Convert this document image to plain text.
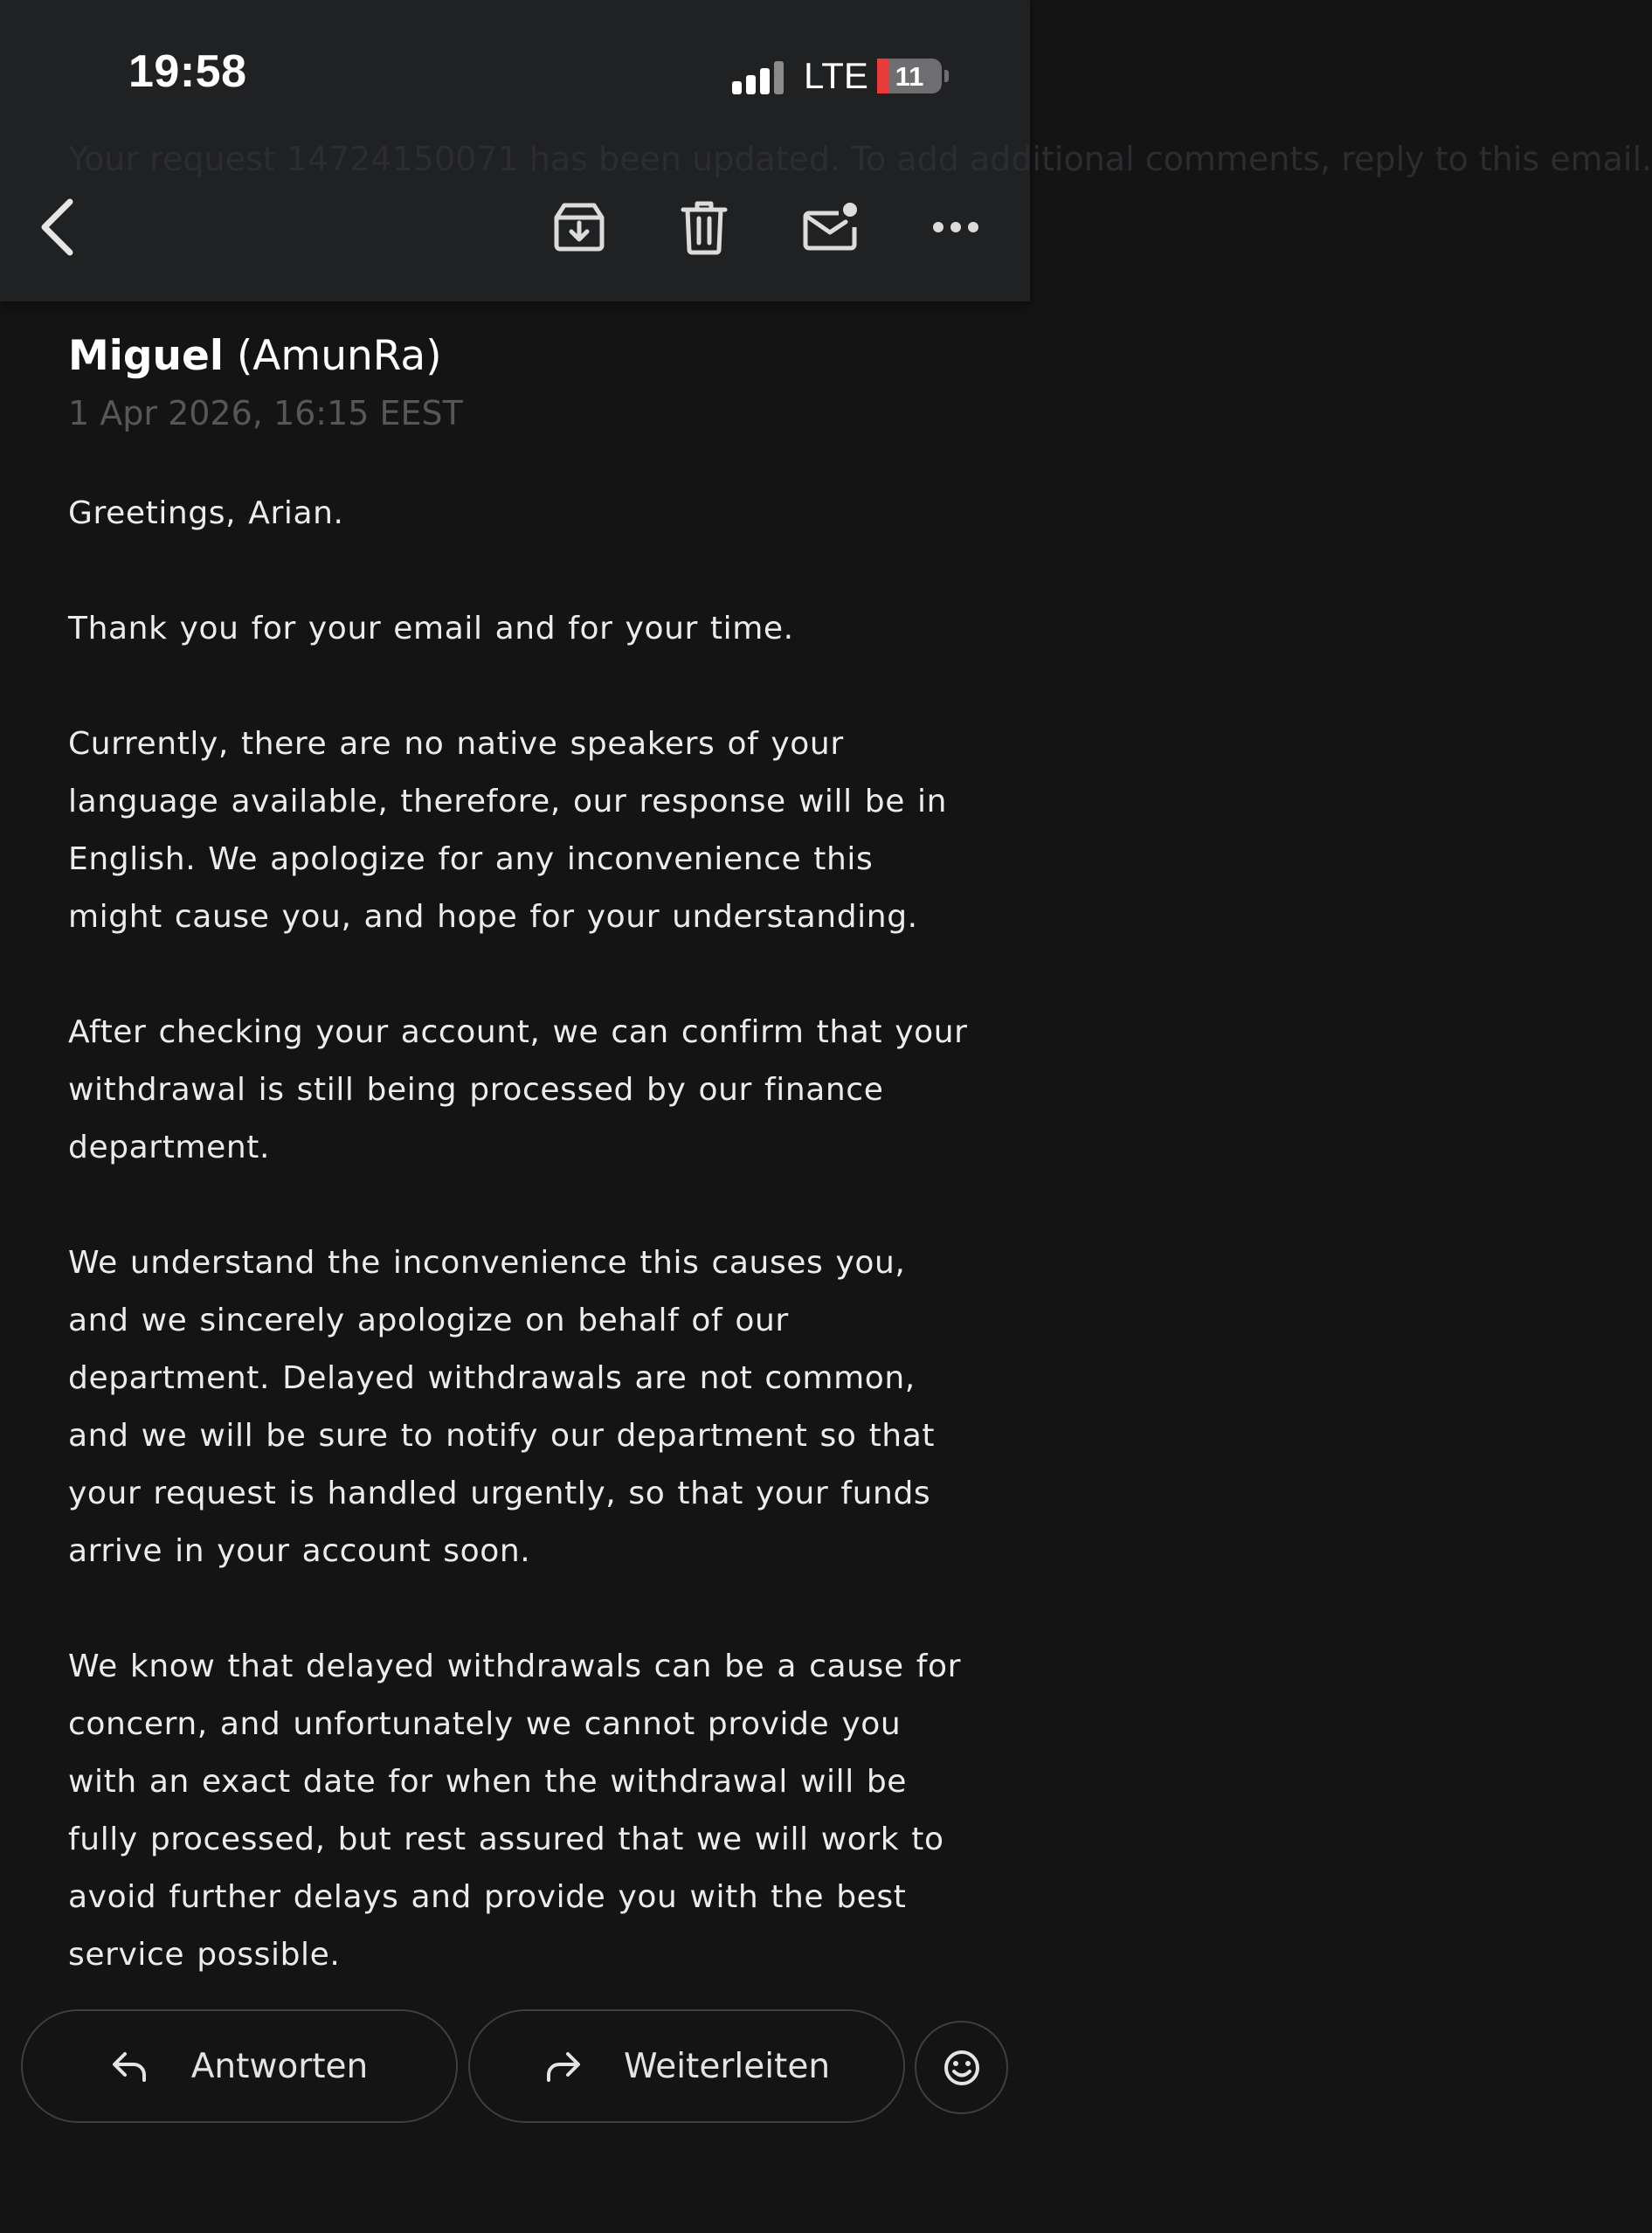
19:58	LTE 11
Your request 14724150071 has been updated. To add additional comments, reply to this email.
Miguel (AmunRa)
1 Apr 2026, 16:15 EEST

Greetings, Arian.

Thank you for your email and for your time.

Currently, there are no native speakers of your language available, therefore, our response will be in English. We apologize for any inconvenience this might cause you, and hope for your understanding.

After checking your account, we can confirm that your withdrawal is still being processed by our finance department.

We understand the inconvenience this causes you, and we sincerely apologize on behalf of our department. Delayed withdrawals are not common, and we will be sure to notify our department so that your request is handled urgently, so that your funds arrive in your account soon.

We know that delayed withdrawals can be a cause for concern, and unfortunately we cannot provide you with an exact date for when the withdrawal will be fully processed, but rest assured that we will work to avoid further delays and provide you with the best service possible.

Antworten	Weiterleiten
